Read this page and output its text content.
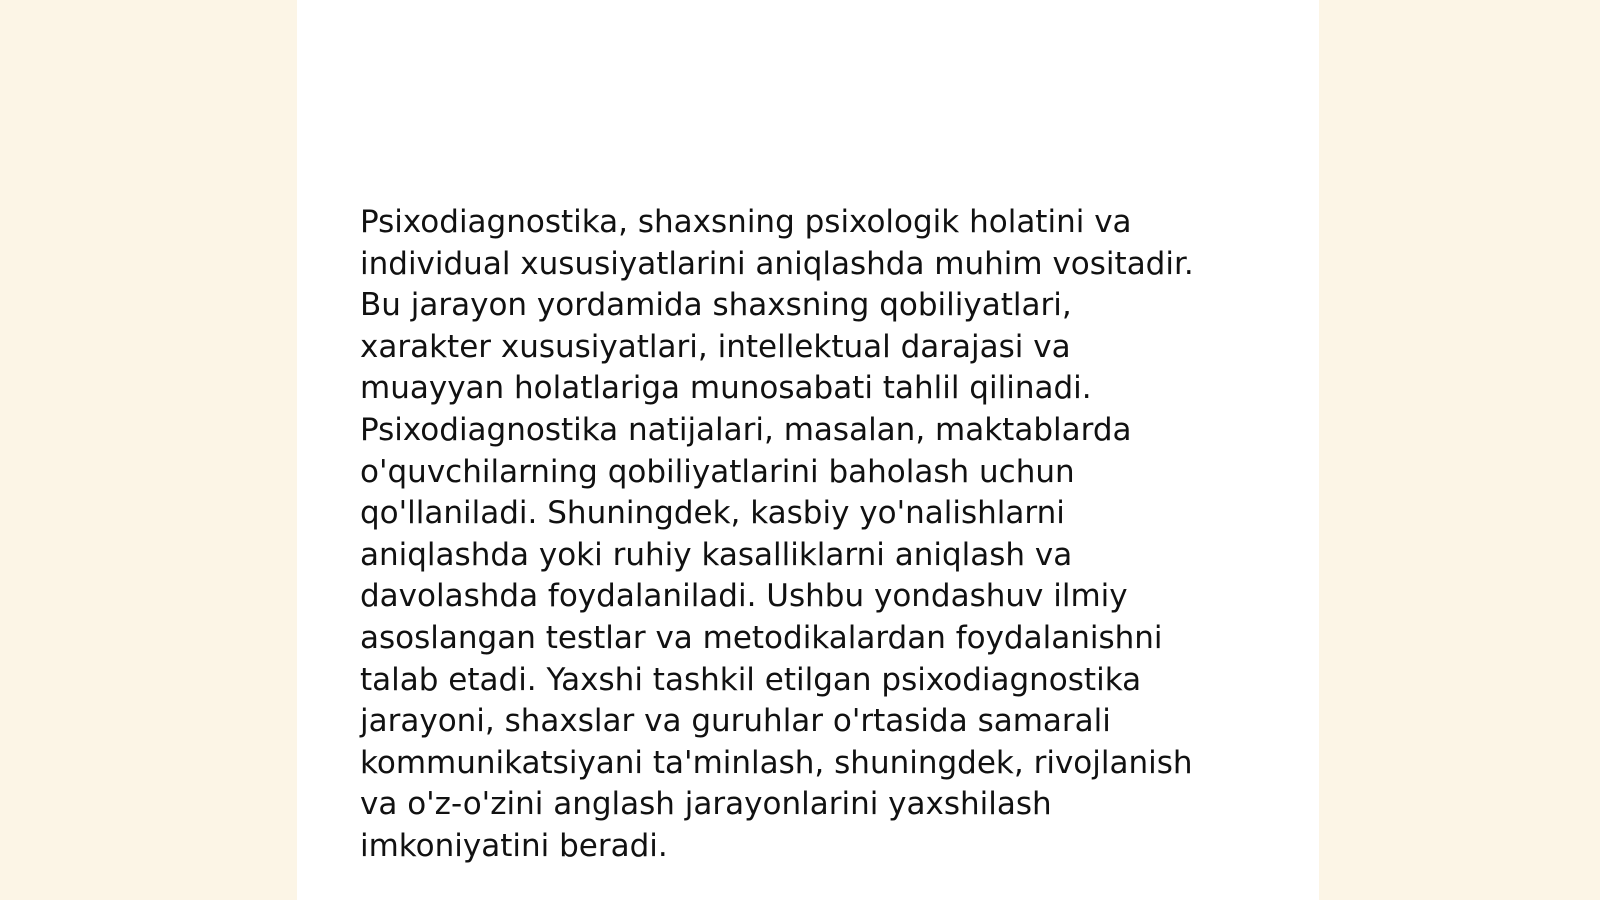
Psixodiagnostika, shaxsning psixologik holatini va
individual xususiyatlarini aniqlashda muhim vositadir.
Bu jarayon yordamida shaxsning qobiliyatlari,
xarakter xususiyatlari, intellektual darajasi va
muayyan holatlariga munosabati tahlil qilinadi.
Psixodiagnostika natijalari, masalan, maktablarda
o'quvchilarning qobiliyatlarini baholash uchun
qo'llaniladi. Shuningdek, kasbiy yo'nalishlarni
aniqlashda yoki ruhiy kasalliklarni aniqlash va
davolashda foydalaniladi. Ushbu yondashuv ilmiy
asoslangan testlar va metodikalardan foydalanishni
talab etadi. Yaxshi tashkil etilgan psixodiagnostika
jarayoni, shaxslar va guruhlar o'rtasida samarali
kommunikatsiyani ta'minlash, shuningdek, rivojlanish
va o'z-o'zini anglash jarayonlarini yaxshilash
imkoniyatini beradi.
